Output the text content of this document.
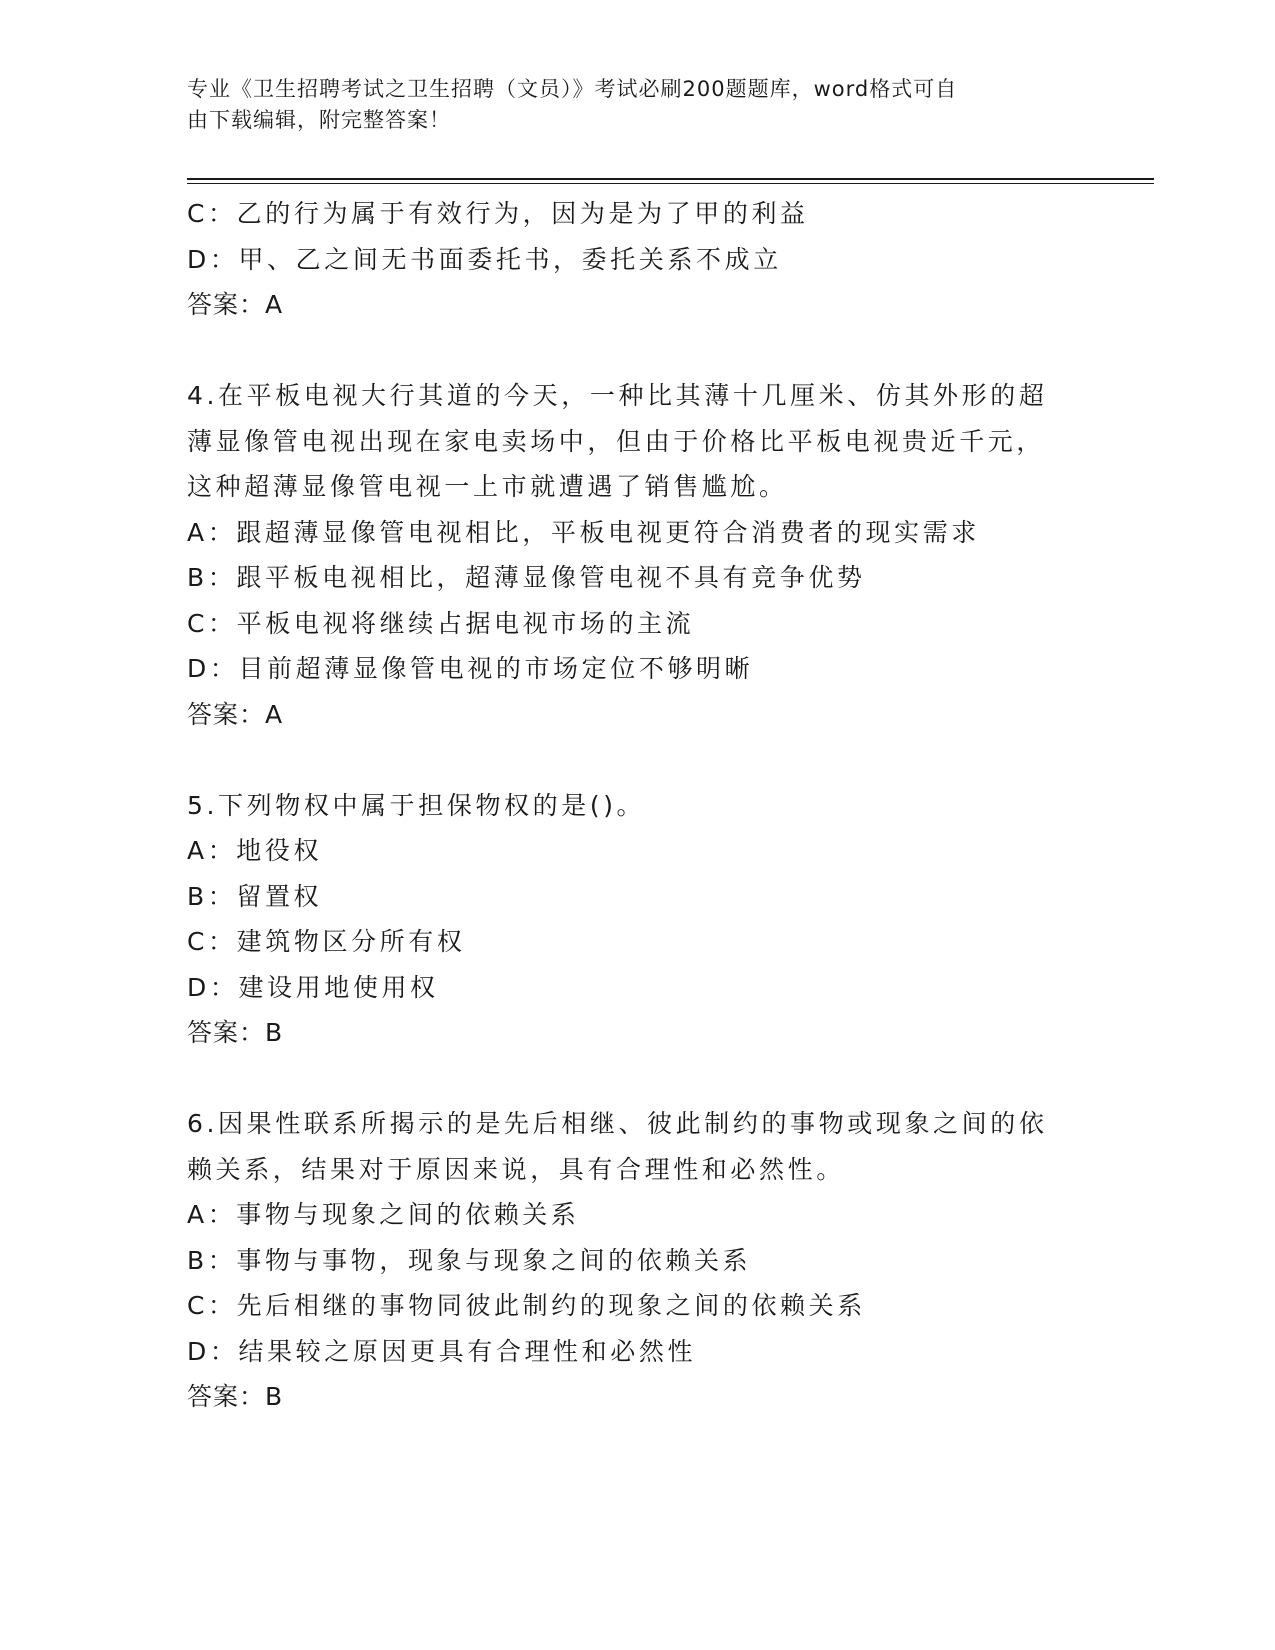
专业《卫生招聘考试之卫生招聘（文员）》考试必刷200题题库，word格式可自
由下载编辑，附完整答案！
C：乙的行为属于有效行为，因为是为了甲的利益
D：甲、乙之间无书面委托书，委托关系不成立
答案：A
4.在平板电视大行其道的今天，一种比其薄十几厘米、仿其外形的超
薄显像管电视出现在家电卖场中，但由于价格比平板电视贵近千元，
这种超薄显像管电视一上市就遭遇了销售尴尬。
A：跟超薄显像管电视相比，平板电视更符合消费者的现实需求
B：跟平板电视相比，超薄显像管电视不具有竞争优势
C：平板电视将继续占据电视市场的主流
D：目前超薄显像管电视的市场定位不够明晰
答案：A
5.下列物权中属于担保物权的是()。
A：地役权
B：留置权
C：建筑物区分所有权
D：建设用地使用权
答案：B
6.因果性联系所揭示的是先后相继、彼此制约的事物或现象之间的依
赖关系，结果对于原因来说，具有合理性和必然性。
A：事物与现象之间的依赖关系
B：事物与事物，现象与现象之间的依赖关系
C：先后相继的事物同彼此制约的现象之间的依赖关系
D：结果较之原因更具有合理性和必然性
答案：B
